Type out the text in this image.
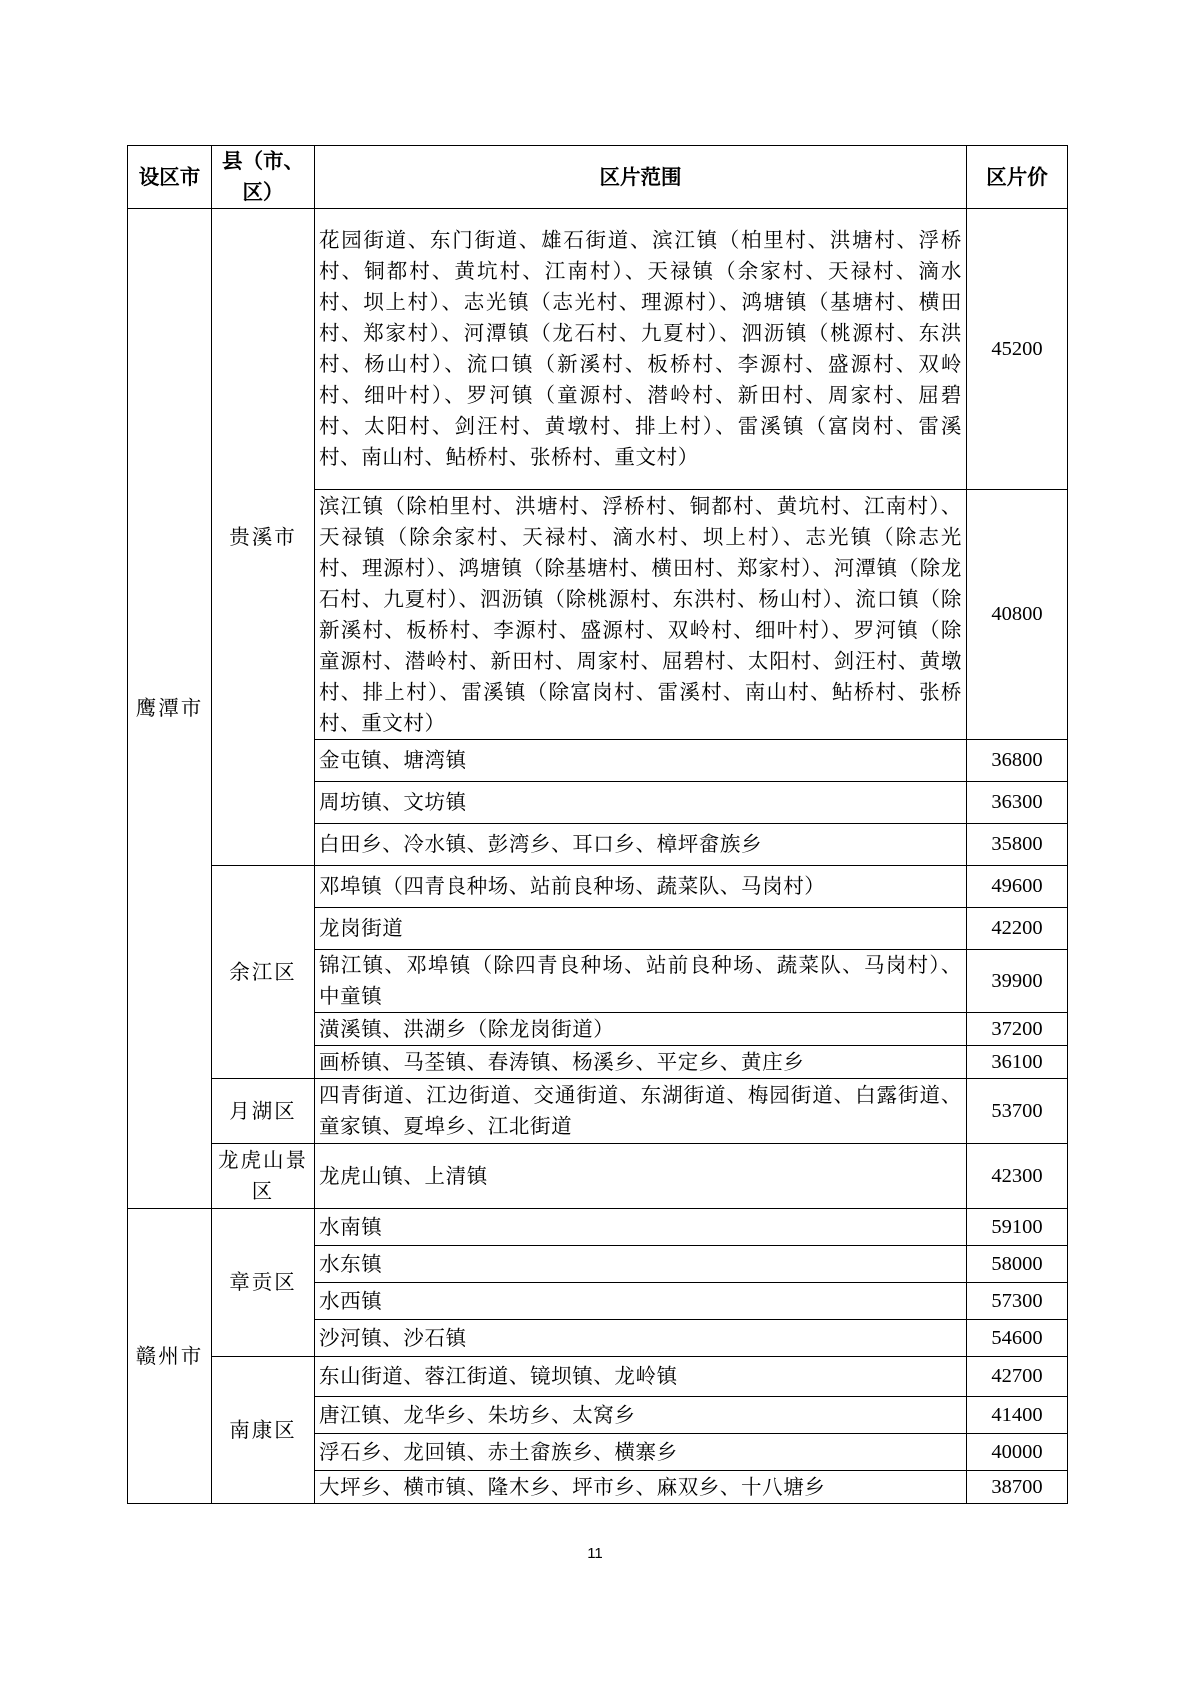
设区市	县（市、区）	区片范围	区片价
鹰潭市	贵溪市	花园街道、东门街道、雄石街道、滨江镇（柏里村、洪塘村、浮桥村、铜都村、黄坑村、江南村）、天禄镇（余家村、天禄村、滴水村、坝上村）、志光镇（志光村、理源村）、鸿塘镇（基塘村、横田村、郑家村）、河潭镇（龙石村、九夏村）、泗沥镇（桃源村、东洪村、杨山村）、流口镇（新溪村、板桥村、李源村、盛源村、双岭村、细叶村）、罗河镇（童源村、潜岭村、新田村、周家村、屈碧村、太阳村、剑汪村、黄墩村、排上村）、雷溪镇（富岗村、雷溪村、南山村、鲇桥村、张桥村、重文村）	45200
		滨江镇（除柏里村、洪塘村、浮桥村、铜都村、黄坑村、江南村）、天禄镇（除余家村、天禄村、滴水村、坝上村）、志光镇（除志光村、理源村）、鸿塘镇（除基塘村、横田村、郑家村）、河潭镇（除龙石村、九夏村）、泗沥镇（除桃源村、东洪村、杨山村）、流口镇（除新溪村、板桥村、李源村、盛源村、双岭村、细叶村）、罗河镇（除童源村、潜岭村、新田村、周家村、屈碧村、太阳村、剑汪村、黄墩村、排上村）、雷溪镇（除富岗村、雷溪村、南山村、鲇桥村、张桥村、重文村）	40800
		金屯镇、塘湾镇	36800
		周坊镇、文坊镇	36300
		白田乡、冷水镇、彭湾乡、耳口乡、樟坪畲族乡	35800
	余江区	邓埠镇（四青良种场、站前良种场、蔬菜队、马岗村）	49600
		龙岗街道	42200
		锦江镇、邓埠镇（除四青良种场、站前良种场、蔬菜队、马岗村）、中童镇	39900
		潢溪镇、洪湖乡（除龙岗街道）	37200
		画桥镇、马荃镇、春涛镇、杨溪乡、平定乡、黄庄乡	36100
	月湖区	四青街道、江边街道、交通街道、东湖街道、梅园街道、白露街道、童家镇、夏埠乡、江北街道	53700
	龙虎山景区	龙虎山镇、上清镇	42300
赣州市	章贡区	水南镇	59100
		水东镇	58000
		水西镇	57300
		沙河镇、沙石镇	54600
	南康区	东山街道、蓉江街道、镜坝镇、龙岭镇	42700
		唐江镇、龙华乡、朱坊乡、太窝乡	41400
		浮石乡、龙回镇、赤土畲族乡、横寨乡	40000
		大坪乡、横市镇、隆木乡、坪市乡、麻双乡、十八塘乡	38700
11
